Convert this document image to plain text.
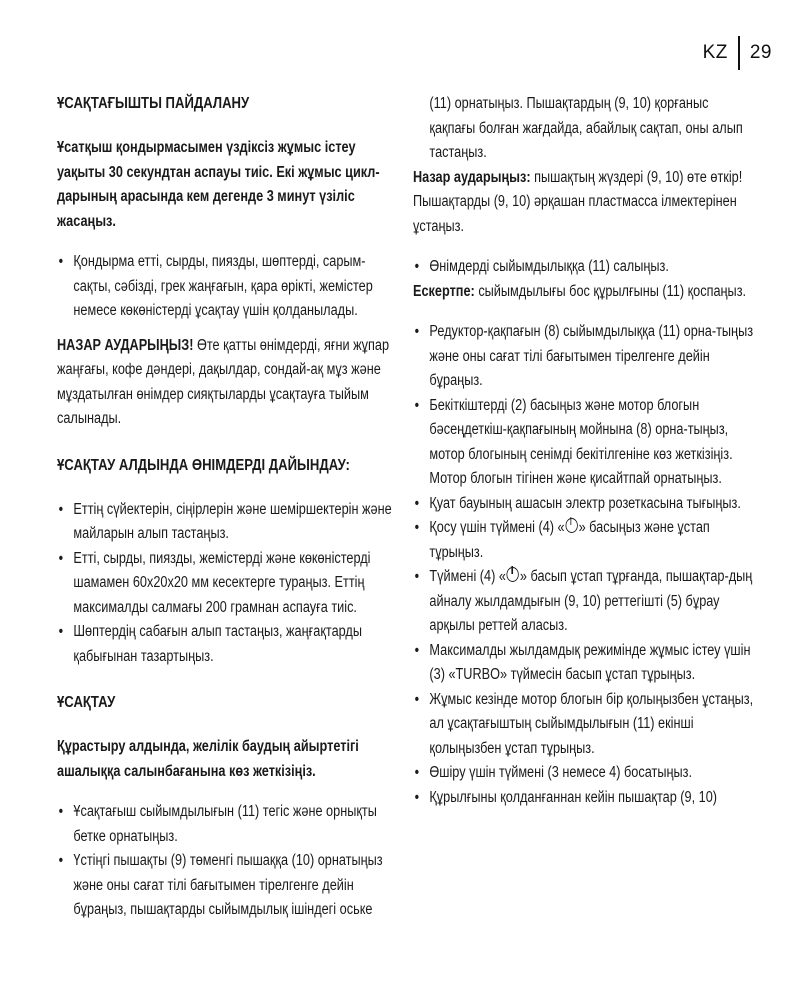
KZ	29
ҰСАҚТАҒЫШТЫ ПАЙДАЛАНУ

Ұсатқыш қондырмасымен үздіксіз жұмыс істеу уақыты 30 секундтан аспауы тиіс. Екі жұмыс цикл-дарының арасында кем дегенде 3 минут үзіліс жасаңыз.

• Қондырма етті, сырды, пиязды, шөптерді, сарым-сақты, сәбізді, грек жаңғағын, қара өрікті, жемістер немесе көкөністерді ұсақтау үшін қолданылады.

НАЗАР АУДАРЫҢЫЗ! Өте қатты өнімдерді, яғни жұпар жаңғағы, кофе дәндері, дақылдар, сондай-ақ мұз және мұздатылған өнімдер сияқтыларды ұсақтауға тыйым салынады.

ҰСАҚТАУ АЛДЫНДА ӨНІМДЕРДІ ДАЙЫНДАУ:
• Еттің сүйектерін, сіңірлерін және шеміршектерін және майларын алып тастаңыз.
• Етті, сырды, пиязды, жемістерді және көкөністерді шамамен 60х20х20 мм кесектерге тураңыз. Еттің максималды салмағы 200 грамнан аспауға тиіс.
• Шөптердің сабағын алып тастаңыз, жаңғақтарды қабығынан тазартыңыз.
ҰСАҚТАУ

Құрастыру алдында, желілік баудың айыртетігі ашалыққа салынбағанына көз жеткізіңіз.

• Ұсақтағыш сыйымдылығын (11) тегіс және орнықты бетке орнатыңыз.
• Үстіңгі пышақты (9) төменгі пышаққа (10) орнатыңыз және оны сағат тілі бағытымен тірелгенге дейін бұраңыз, пышақтарды сыйымдылық ішіндегі оське

(11) орнатыңыз. Пышақтардың (9, 10) қорғаныс қақпағы болған жағдайда, абайлық сақтап, оны алып тастаңыз.

Назар аударыңыз: пышақтың жүздері (9, 10) өте өткір! Пышақтарды (9, 10) әрқашан пластмасса ілмектерінен ұстаңыз.

• Өнімдерді сыйымдылыққа (11) салыңыз.

Ескертпе: сыйымдылығы бос құрылғыны (11) қоспаңыз.

• Редуктор-қақпағын (8) сыйымдылыққа (11) орна-тыңыз және оны сағат тілі бағытымен тірелгенге дейін бұраңыз.
• Бекіткіштерді (2) басыңыз және мотор блогын бәсеңдеткіш-қақпағының мойнына (8) орна-тыңыз, мотор блогының сенімді бекітілгеніне көз жеткізіңіз. Мотор блогын тігінен және қисайтпай орнатыңыз.
• Қуат бауының ашасын электр розеткасына тығыңыз.
• Қосу үшін түймені (4) « » басыңыз және ұстап тұрыңыз.
• Түймені (4) « » басып ұстап тұрғанда, пышақтар-дың айналу жылдамдығын (9, 10) реттегішті (5) бұрау арқылы реттей аласыз.
• Максималды жылдамдық режимінде жұмыс істеу үшін (3) «TURBO» түймесін басып ұстап тұрыңыз.
• Жұмыс кезінде мотор блогын бір қолыңызбен ұстаңыз, ал ұсақтағыштың сыйымдылығын (11) екінші қолыңызбен ұстап тұрыңыз.
• Өшіру үшін түймені (3 немесе 4) босатыңыз.
• Құрылғыны қолданғаннан кейін пышақтар (9, 10)
